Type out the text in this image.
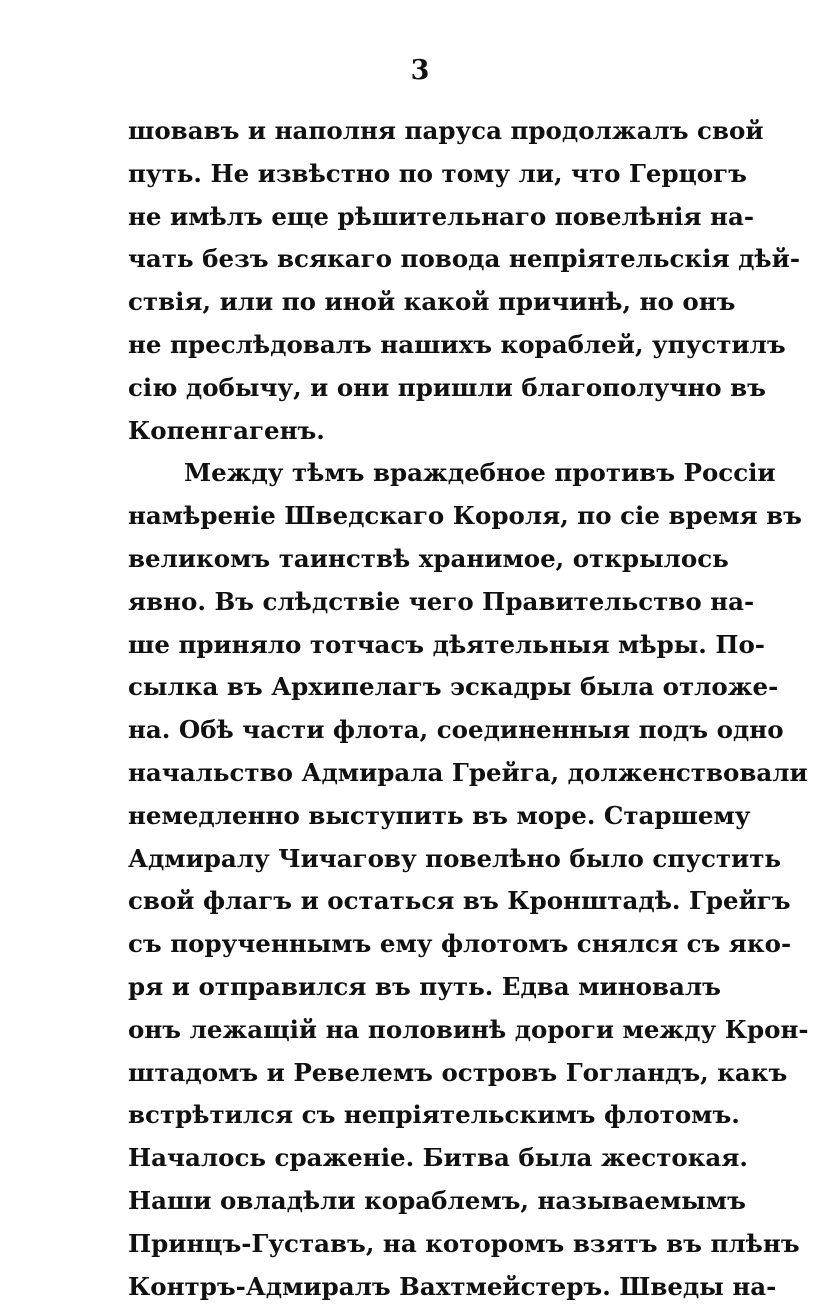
3
шовавъ и наполня паруса продолжалъ свой
путь. Не извѣстно по тому ли, что Герцогъ
не имѣлъ еще рѣшительнаго повелѣнія на-
чать безъ всякаго повода непріятельскія дѣй-
ствія, или по иной какой причинѣ, но онъ
не преслѣдовалъ нашихъ кораблей, упустилъ
сію добычу, и они пришли благополучно въ
Копенгагенъ.
Между тѣмъ враждебное противъ Россіи
намѣреніе Шведскаго Короля, по сіе время въ
великомъ таинствѣ хранимое, открылось
явно. Въ слѣдствіе чего Правительство на-
ше приняло тотчасъ дѣятельныя мѣры. По-
сылка въ Архипелагъ эскадры была отложе-
на. Обѣ части флота, соединенныя подъ одно
начальство Адмирала Грейга, долженствовали
немедленно выступить въ море. Старшему
Адмиралу Чичагову повелѣно было спустить
свой флагъ и остаться въ Кронштадѣ. Грейгъ
съ порученнымъ ему флотомъ снялся съ яко-
ря и отправился въ путь. Едва миновалъ
онъ лежащій на половинѣ дороги между Крон-
штадомъ и Ревелемъ островъ Гогландъ, какъ
встрѣтился съ непріятельскимъ флотомъ.
Началось сраженіе. Битва была жестокая.
Наши овладѣли кораблемъ, называемымъ
Принцъ-Густавъ, на которомъ взятъ въ плѣнъ
Контръ-Адмиралъ Вахтмейстеръ. Шведы на-
